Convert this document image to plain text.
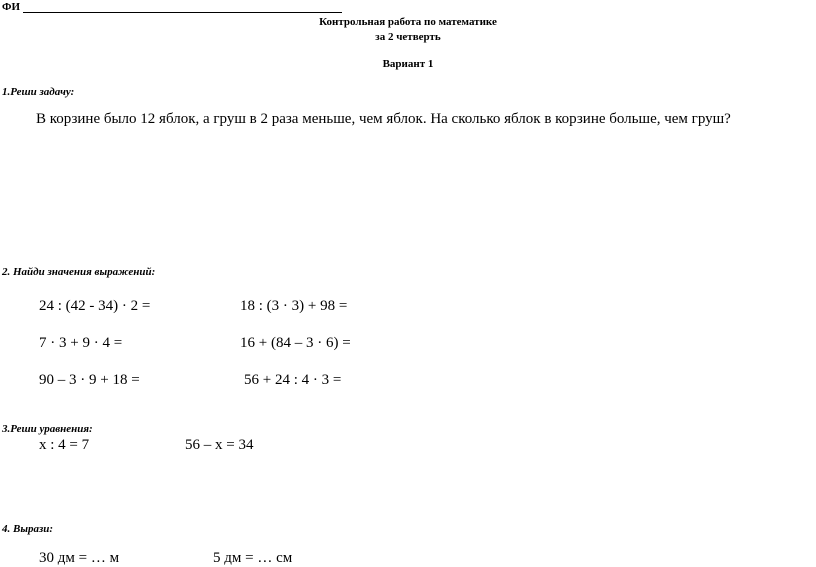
ФИ
Контрольная работа по математике
за 2 четверть
Вариант 1
1.Реши задачу:
В корзине было 12 яблок, а груш в 2 раза меньше, чем яблок. На сколько яблок в корзине больше, чем груш?
2. Найди значения выражений:
24 : (42 - 34) · 2 =	18 : (3 · 3) + 98 =
7 · 3 + 9 · 4 =	16 + (84 – 3 · 6) =
90 – 3 · 9 + 18 =	56 + 24 : 4 · 3 =
3.Реши уравнения:
х : 4 = 7	56 – х = 34
4. Вырази:
30 дм = … м	5 дм = … см
